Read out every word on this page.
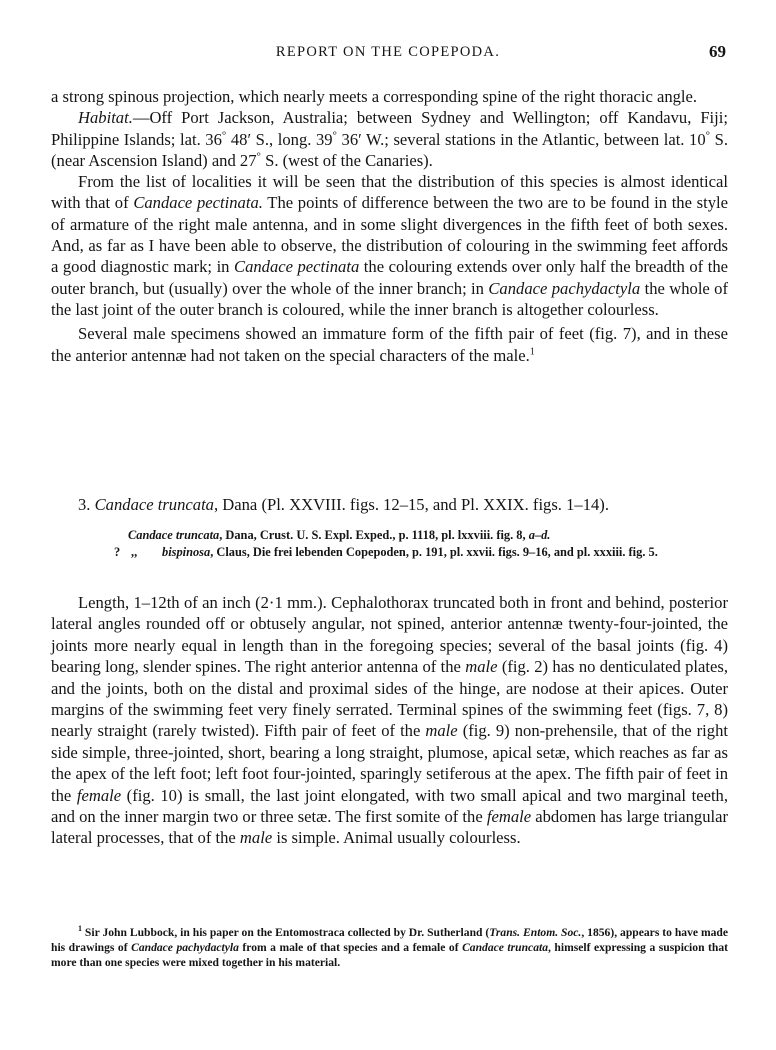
REPORT ON THE COPEPODA.	69

a strong spinous projection, which nearly meets a corresponding spine of the right thoracic angle.

Habitat.—Off Port Jackson, Australia; between Sydney and Wellington; off Kandavu, Fiji; Philippine Islands; lat. 36° 48′ S., long. 39° 36′ W.; several stations in the Atlantic, between lat. 10° S. (near Ascension Island) and 27° S. (west of the Canaries).

From the list of localities it will be seen that the distribution of this species is almost identical with that of Candace pectinata. The points of difference between the two are to be found in the style of armature of the right male antenna, and in some slight divergences in the fifth feet of both sexes. And, as far as I have been able to observe, the distribution of colouring in the swimming feet affords a good diagnostic mark; in Candace pectinata the colouring extends over only half the breadth of the outer branch, but (usually) over the whole of the inner branch; in Candace pachydactyla the whole of the last joint of the outer branch is coloured, while the inner branch is altogether colourless.

Several male specimens showed an immature form of the fifth pair of feet (fig. 7), and in these the anterior antennæ had not taken on the special characters of the male.$^1$

3. Candace truncata, Dana (Pl. XXVIII. figs. 12–15, and Pl. XXIX. figs. 1–14).
Candace truncata, Dana, Crust. U. S. Expl. Exped., p. 1118, pl. lxxviii. fig. 8, a–d.
? ,,	bispinosa, Claus, Die frei lebenden Copepoden, p. 191, pl. xxvii. figs. 9–16, and pl. xxxiii. fig. 5.

Length, 1–12th of an inch (2·1 mm.). Cephalothorax truncated both in front and behind, posterior lateral angles rounded off or obtusely angular, not spined, anterior antennæ twenty-four-jointed, the joints more nearly equal in length than in the foregoing species; several of the basal joints (fig. 4) bearing long, slender spines. The right anterior antenna of the male (fig. 2) has no denticulated plates, and the joints, both on the distal and proximal sides of the hinge, are nodose at their apices. Outer margins of the swimming feet very finely serrated. Terminal spines of the swimming feet (figs. 7, 8) nearly straight (rarely twisted). Fifth pair of feet of the male (fig. 9) non-prehensile, that of the right side simple, three-jointed, short, bearing a long straight, plumose, apical setæ, which reaches as far as the apex of the left foot; left foot four-jointed, sparingly setiferous at the apex. The fifth pair of feet in the female (fig. 10) is small, the last joint elongated, with two small apical and two marginal teeth, and on the inner margin two or three setæ. The first somite of the female abdomen has large triangular lateral processes, that of the male is simple. Animal usually colourless.

$^1$ Sir John Lubbock, in his paper on the Entomostraca collected by Dr. Sutherland (Trans. Entom. Soc., 1856), appears to have made his drawings of Candace pachydactyla from a male of that species and a female of Candace truncata, himself expressing a suspicion that more than one species were mixed together in his material.
